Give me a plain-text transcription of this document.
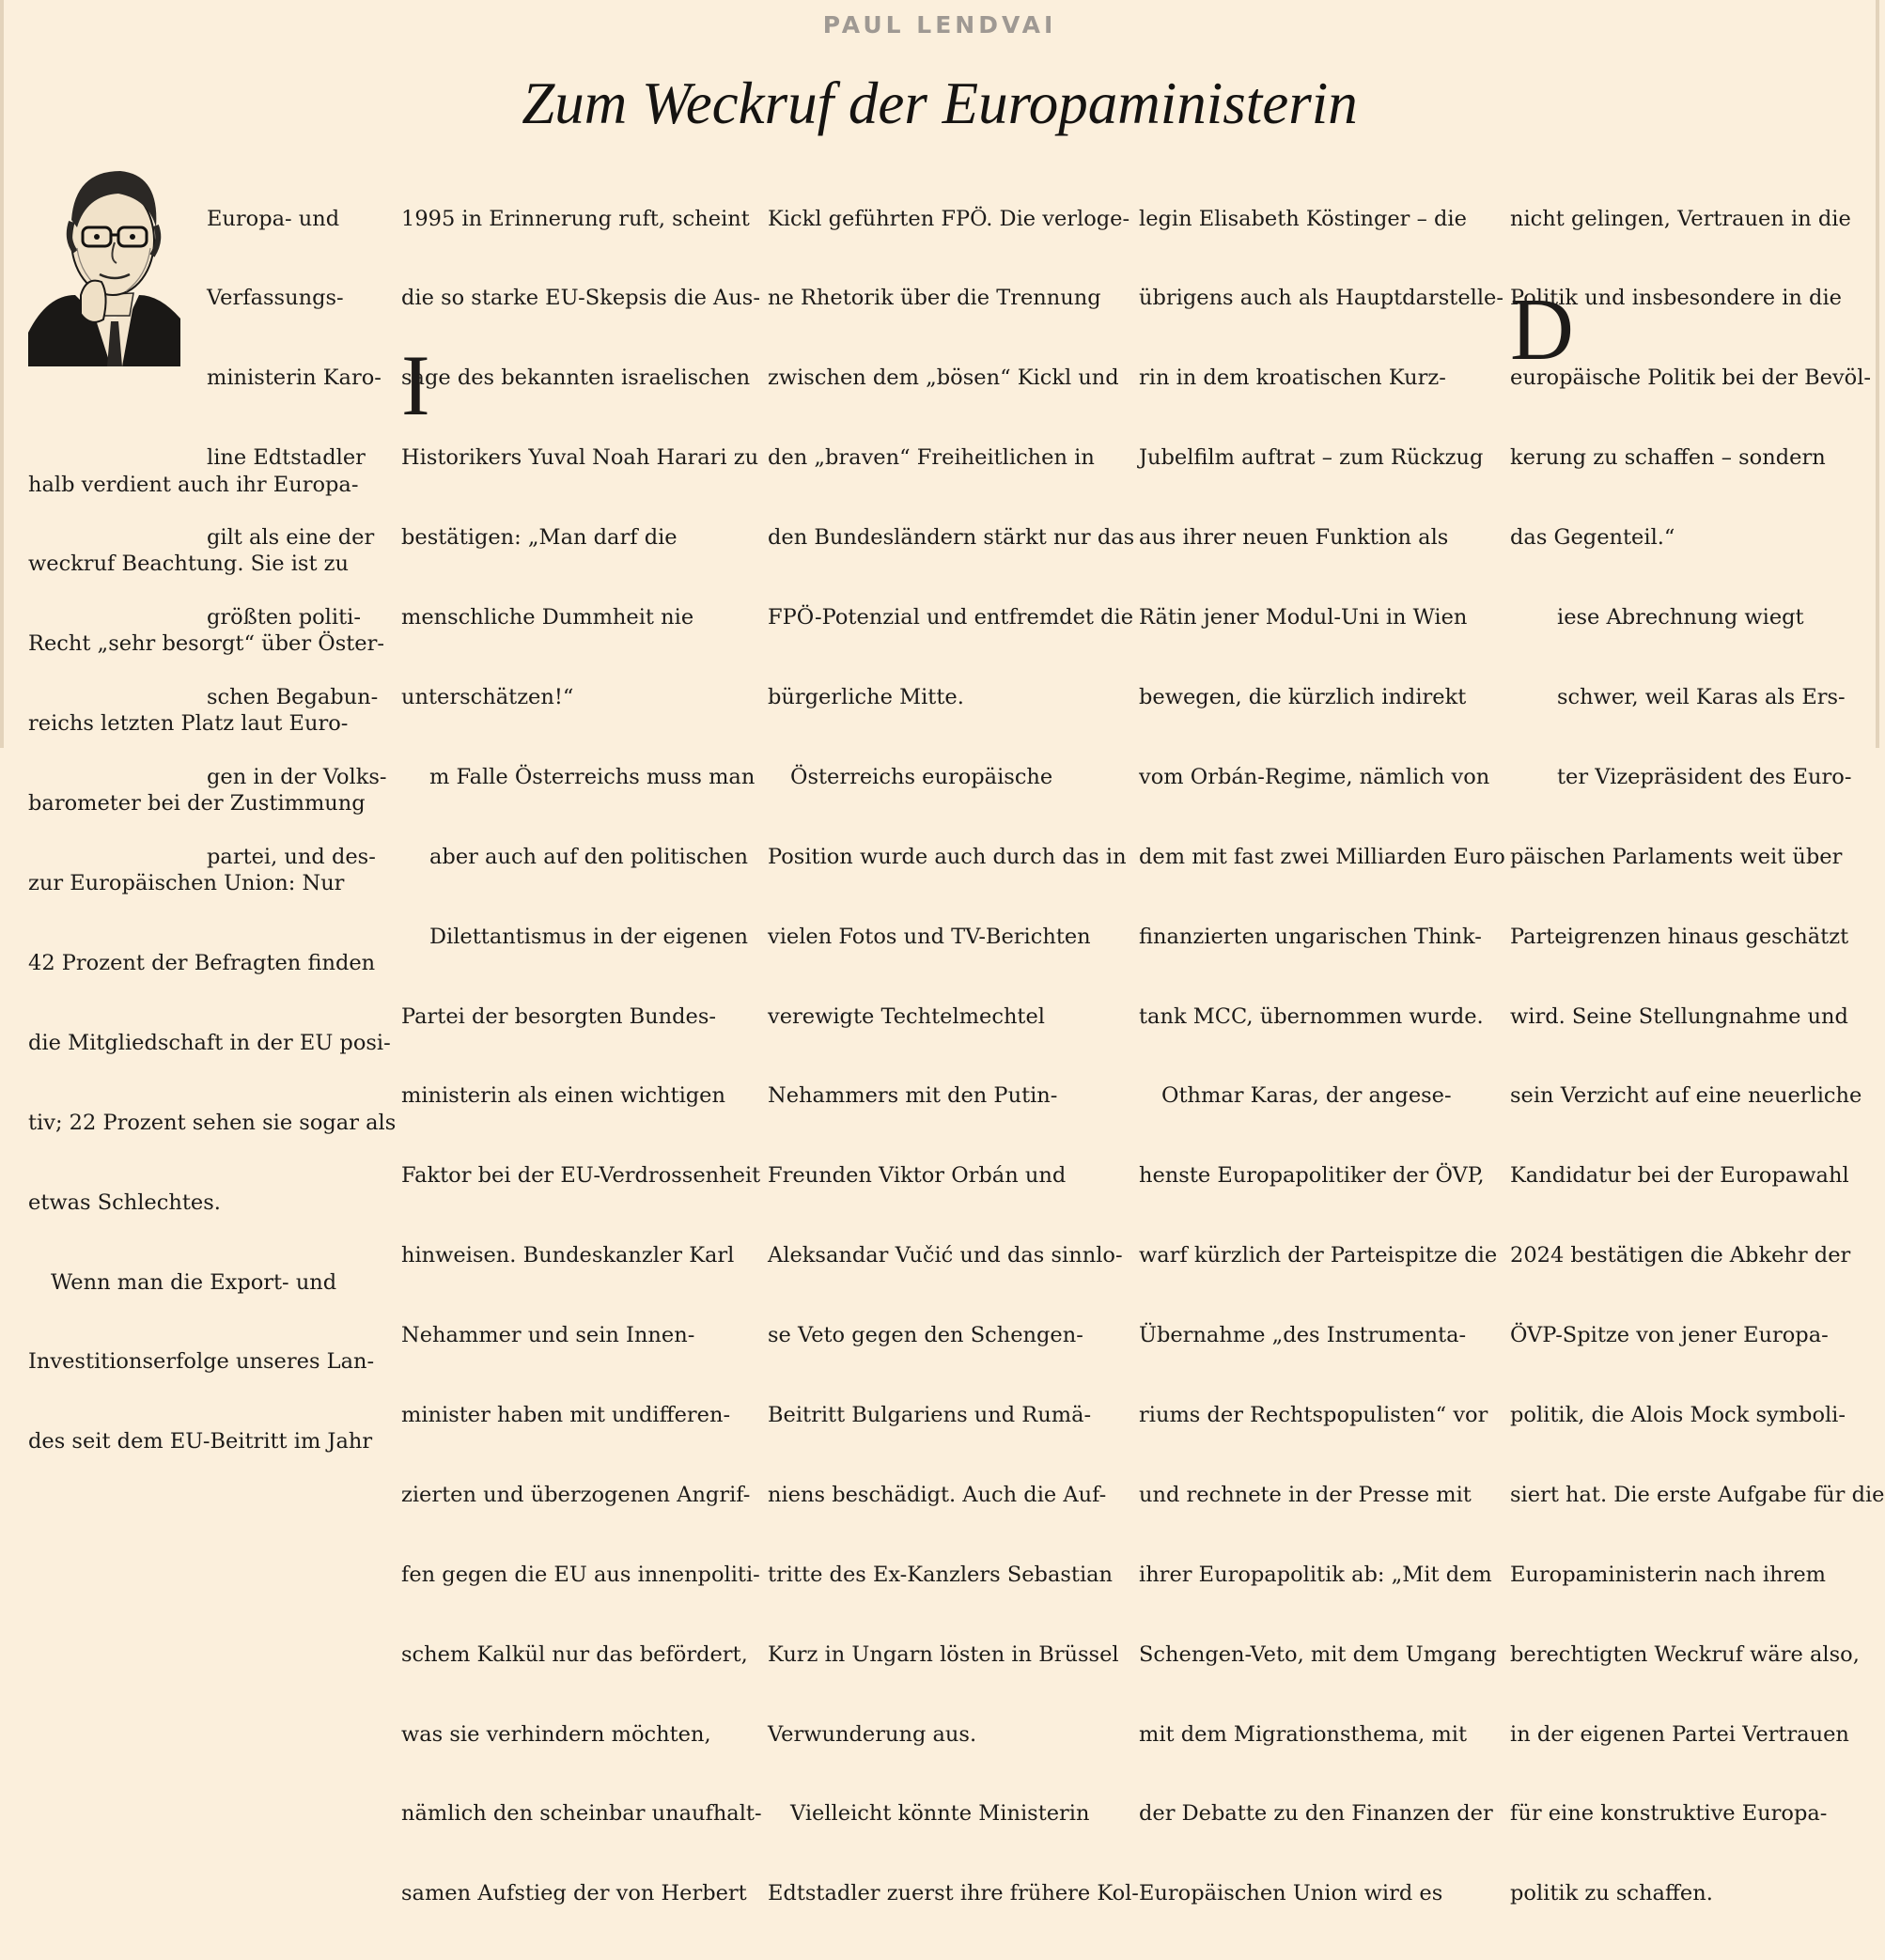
PAUL LENDVAI
Zum Weckruf der Europaministerin

Europa- und

Verfassungs-

ministerin Karo-

line Edtstadler

gilt als eine der

größten politi-

schen Begabun-

gen in der Volks-

partei, und des-

halb verdient auch ihr Europa-

weckruf Beachtung. Sie ist zu

Recht „sehr besorgt“ über Öster-

reichs letzten Platz laut Euro-

barometer bei der Zustimmung

zur Europäischen Union: Nur

42 Prozent der Befragten finden

die Mitgliedschaft in der EU posi-

tiv; 22 Prozent sehen sie sogar als

etwas Schlechtes.

Wenn man die Export- und

Investitionserfolge unseres Lan-

des seit dem EU-Beitritt im Jahr

1995 in Erinnerung ruft, scheint

die so starke EU-Skepsis die Aus-

sage des bekannten israelischen

Historikers Yuval Noah Harari zu

bestätigen: „Man darf die

menschliche Dummheit nie

unterschätzen!“

m Falle Österreichs muss man

aber auch auf den politischen

Dilettantismus in der eigenen

Partei der besorgten Bundes-

ministerin als einen wichtigen

Faktor bei der EU-Verdrossenheit

hinweisen. Bundeskanzler Karl

Nehammer und sein Innen-

minister haben mit undifferen-

zierten und überzogenen Angrif-

fen gegen die EU aus innenpoliti-

schem Kalkül nur das befördert,

was sie verhindern möchten,

nämlich den scheinbar unaufhalt-

samen Aufstieg der von Herbert

I

Kickl geführten FPÖ. Die verloge-

ne Rhetorik über die Trennung

zwischen dem „bösen“ Kickl und

den „braven“ Freiheitlichen in

den Bundesländern stärkt nur das

FPÖ-Potenzial und entfremdet die

bürgerliche Mitte.

Österreichs europäische

Position wurde auch durch das in

vielen Fotos und TV-Berichten

verewigte Techtelmechtel

Nehammers mit den Putin-

Freunden Viktor Orbán und

Aleksandar Vučić und das sinnlo-

se Veto gegen den Schengen-

Beitritt Bulgariens und Rumä-

niens beschädigt. Auch die Auf-

tritte des Ex-Kanzlers Sebastian

Kurz in Ungarn lösten in Brüssel

Verwunderung aus.

Vielleicht könnte Ministerin

Edtstadler zuerst ihre frühere Kol-

legin Elisabeth Köstinger – die

übrigens auch als Hauptdarstelle-

rin in dem kroatischen Kurz-

Jubelfilm auftrat – zum Rückzug

aus ihrer neuen Funktion als

Rätin jener Modul-Uni in Wien

bewegen, die kürzlich indirekt

vom Orbán-Regime, nämlich von

dem mit fast zwei Milliarden Euro

finanzierten ungarischen Think-

tank MCC, übernommen wurde.

Othmar Karas, der angese-

henste Europapolitiker der ÖVP,

warf kürzlich der Parteispitze die

Übernahme „des Instrumenta-

riums der Rechtspopulisten“ vor

und rechnete in der Presse mit

ihrer Europapolitik ab: „Mit dem

Schengen-Veto, mit dem Umgang

mit dem Migrationsthema, mit

der Debatte zu den Finanzen der

Europäischen Union wird es

nicht gelingen, Vertrauen in die

Politik und insbesondere in die

europäische Politik bei der Bevöl-

kerung zu schaffen – sondern

das Gegenteil.“

iese Abrechnung wiegt

schwer, weil Karas als Ers-

ter Vizepräsident des Euro-

päischen Parlaments weit über

Parteigrenzen hinaus geschätzt

wird. Seine Stellungnahme und

sein Verzicht auf eine neuerliche

Kandidatur bei der Europawahl

2024 bestätigen die Abkehr der

ÖVP-Spitze von jener Europa-

politik, die Alois Mock symboli-

siert hat. Die erste Aufgabe für die

Europaministerin nach ihrem

berechtigten Weckruf wäre also,

in der eigenen Partei Vertrauen

für eine konstruktive Europa-

politik zu schaffen.

D
